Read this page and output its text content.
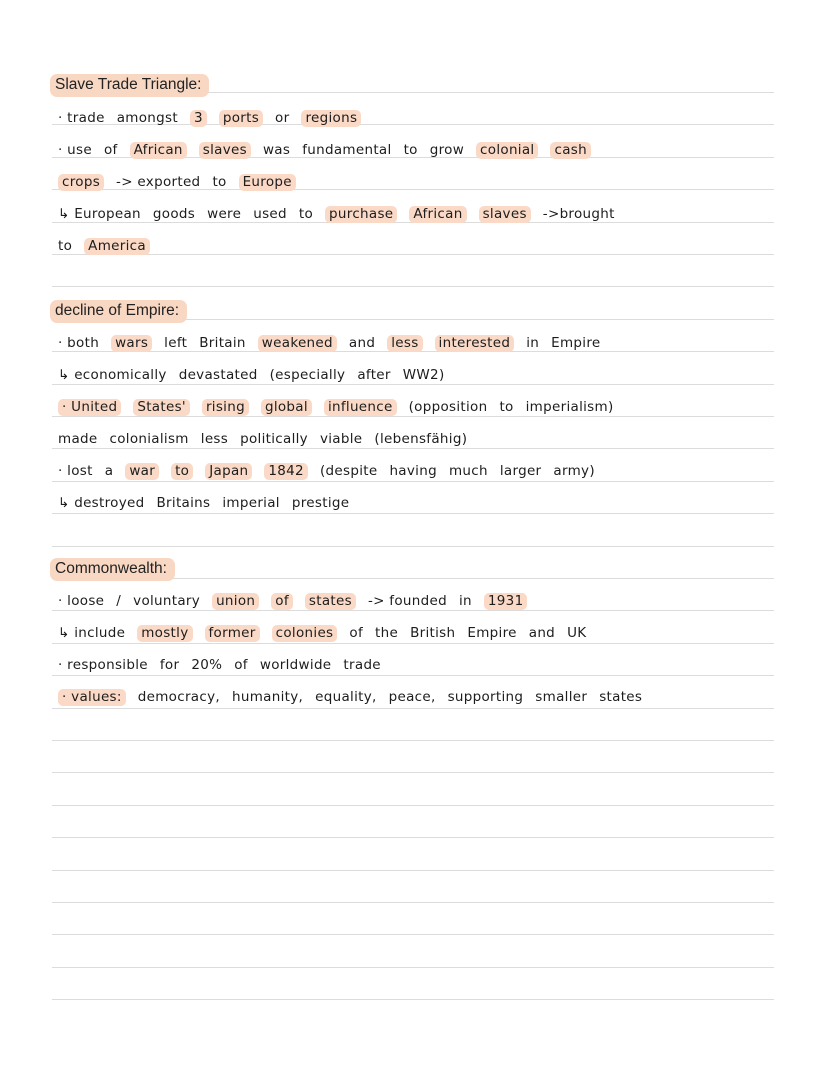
Slave Trade Triangle:
· trade amongst 3 ports or regions
· use of African slaves was fundamental to grow colonial cash
crops -> exported to Europe
↳ European goods were used to purchase African slaves ->brought
to America
decline of Empire:
· both wars left Britain weakened and less interested in Empire
↳ economically devastated (especially after WW2)
· United States' rising global influence (opposition to imperialism)
made colonialism less politically viable (lebensfähig)
· lost a war to Japan 1842 (despite having much larger army)
↳ destroyed Britains imperial prestige
Commonwealth:
· loose / voluntary union of states -> founded in 1931
↳ include mostly former colonies of the British Empire and UK
· responsible for 20% of worldwide trade
· values: democracy, humanity, equality, peace, supporting smaller states
